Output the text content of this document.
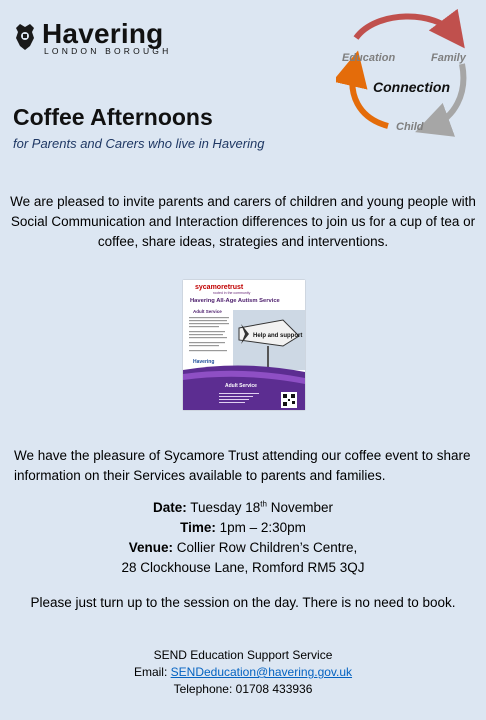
Havering
LONDON BOROUGH
Education	Family
Child
Connection
Coffee Afternoons
for Parents and Carers who live in Havering
We are pleased to invite parents and carers of children and young people with Social Communication and Interaction differences to join us for a cup of tea or coffee, share ideas, strategies and interventions.
sycamoretrust
rooted in the community
Havering All-Age Autism Service
Adult Service
Havering
Help and support
Adult Service
We have the pleasure of Sycamore Trust attending our coffee event to share information on their Services available to parents and families.
Date: Tuesday 18th November
Time: 1pm – 2:30pm
Venue: Collier Row Children’s Centre,
28 Clockhouse Lane, Romford RM5 3QJ
Please just turn up to the session on the day. There is no need to book.
SEND Education Support Service
Email: SENDeducation@havering.gov.uk
Telephone: 01708 433936
